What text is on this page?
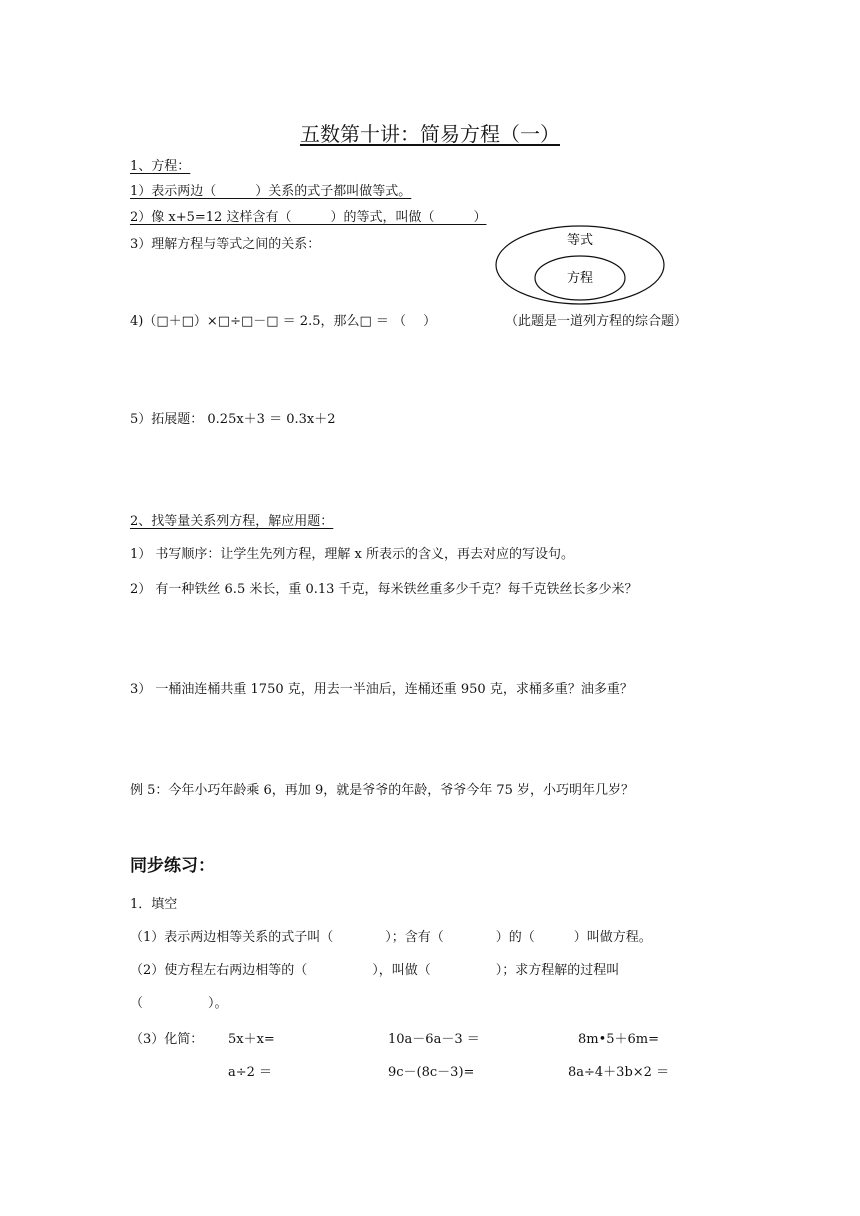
五数第十讲：简易方程（一）
1、方程：
1）表示两边（　　　）关系的式子都叫做等式。
2）像 x+5=12 这样含有（　　　）的等式，叫做（　　　）
3）理解方程与等式之间的关系：	等式
方程
4)（□＋□）×□÷□－□ ＝ 2.5，那么□ ＝ （　 ）	（此题是一道列方程的综合题）
5）拓展题： 0.25x＋3 ＝ 0.3x＋2
2、找等量关系列方程，解应用题：
1） 书写顺序：让学生先列方程，理解 x 所表示的含义，再去对应的写设句。
2） 有一种铁丝 6.5 米长，重 0.13 千克，每米铁丝重多少千克？每千克铁丝长多少米？
3） 一桶油连桶共重 1750 克，用去一半油后，连桶还重 950 克，求桶多重？油多重？
例 5：今年小巧年龄乘 6，再加 9，就是爷爷的年龄，爷爷今年 75 岁，小巧明年几岁？
同步练习：
1．填空
（1）表示两边相等关系的式子叫（　　　　）；含有（　　　　）的（　　　）叫做方程。
（2）使方程左右两边相等的（　　　　　），叫做（　　　　　）；求方程解的过程叫
（　　　　　）。
（3）化简： 5x＋x=	10a－6a－3 ＝	8m•5＋6m=
a÷2 ＝	9c－(8c－3)=	8a÷4＋3b×2 ＝
